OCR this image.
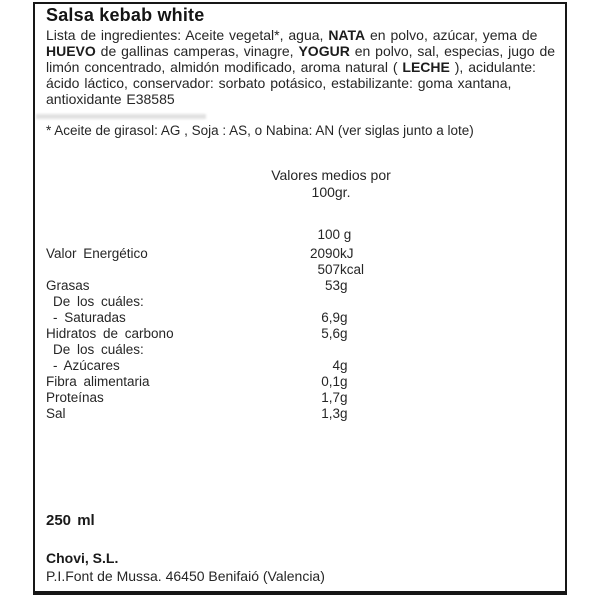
Salsa kebab white
Lista de ingredientes: Aceite vegetal*, agua, NATA en polvo, azúcar, yema de
HUEVO de gallinas camperas, vinagre, YOGUR en polvo, sal, especias, jugo de
limón concentrado, almidón modificado, aroma natural ( LECHE ), acidulante:
ácido láctico, conservador: sorbato potásico, estabilizante: goma xantana,
antioxidante E38585
* Aceite de girasol: AG , Soja : AS, o Nabina: AN (ver siglas junto a lote)
Valores medios por
100gr.
100 g
Valor Energético	2090 kJ
507 kcal
Grasas	53 g
De los cuáles:
- Saturadas	6,9 g
Hidratos de carbono	5,6 g
De los cuáles:
- Azúcares	4 g
Fibra alimentaria	0,1 g
Proteínas	1,7 g
Sal	1,3 g
250 ml
Chovi, S.L.
P.I.Font de Mussa. 46450 Benifaió (Valencia)
